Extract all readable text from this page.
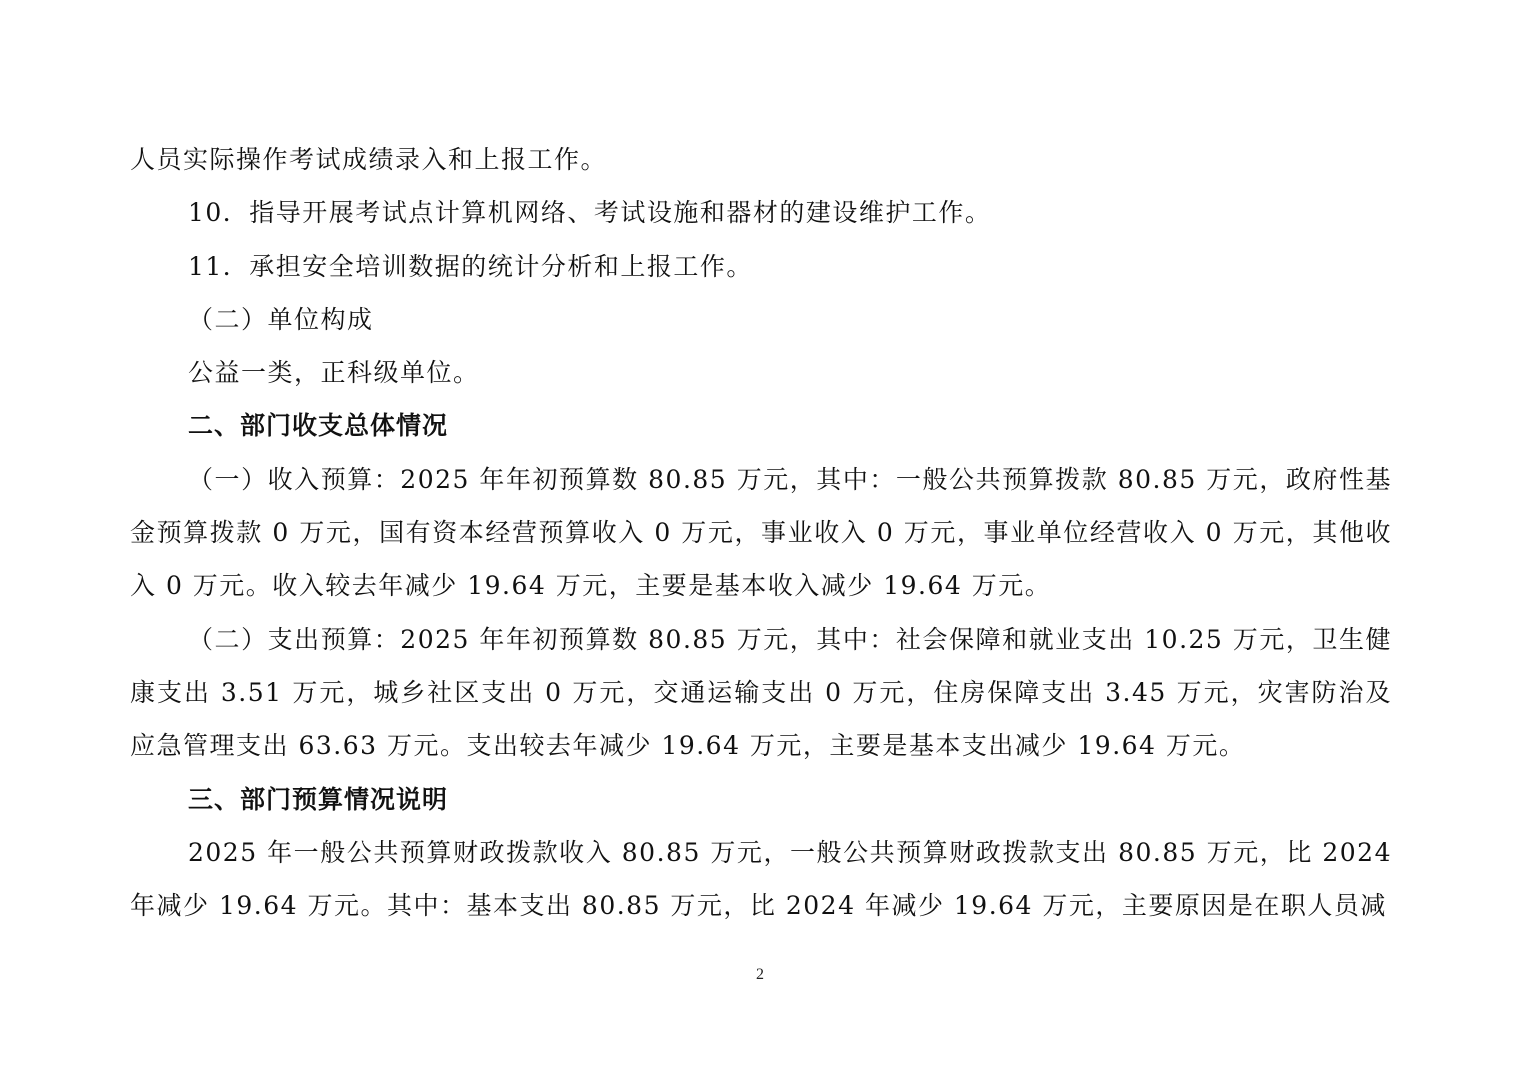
人员实际操作考试成绩录入和上报工作。

10．指导开展考试点计算机网络、考试设施和器材的建设维护工作。

11．承担安全培训数据的统计分析和上报工作。

（二）单位构成

公益一类，正科级单位。

二、部门收支总体情况

（一）收入预算：2025 年年初预算数 80.85 万元，其中：一般公共预算拨款 80.85 万元，政府性基金预算拨款 0 万元，国有资本经营预算收入 0 万元，事业收入 0 万元，事业单位经营收入 0 万元，其他收入 0 万元。收入较去年减少 19.64 万元，主要是基本收入减少 19.64 万元。

（二）支出预算：2025 年年初预算数 80.85 万元，其中：社会保障和就业支出 10.25 万元，卫生健康支出 3.51 万元，城乡社区支出 0 万元，交通运输支出 0 万元，住房保障支出 3.45 万元，灾害防治及应急管理支出 63.63 万元。支出较去年减少 19.64 万元，主要是基本支出减少 19.64 万元。

三、部门预算情况说明

2025 年一般公共预算财政拨款收入 80.85 万元，一般公共预算财政拨款支出 80.85 万元，比 2024 年减少 19.64 万元。其中：基本支出 80.85 万元，比 2024 年减少 19.64 万元，主要原因是在职人员减

2
